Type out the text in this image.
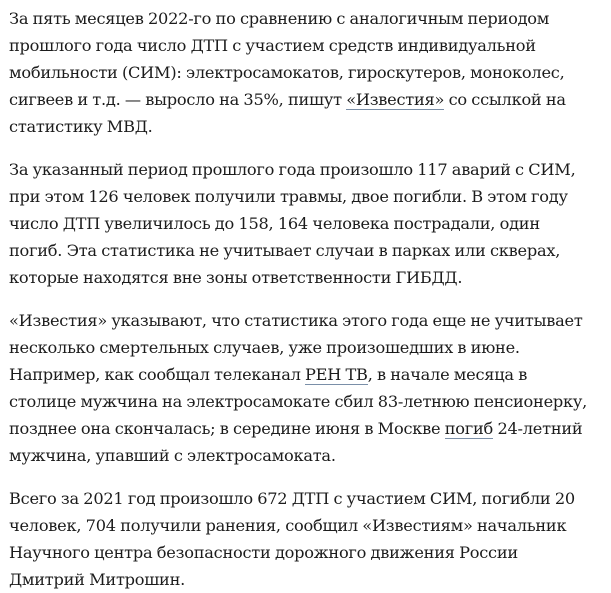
За пять месяцев 2022-го по сравнению с аналогичным периодом прошлого года число ДТП с участием средств индивидуальной мобильности (СИМ): электросамокатов, гироскутеров, моноколес, сигвеев и т.д. — выросло на 35%, пишут «Известия» со ссылкой на статистику МВД.

За указанный период прошлого года произошло 117 аварий с СИМ, при этом 126 человек получили травмы, двое погибли. В этом году число ДТП увеличилось до 158, 164 человека пострадали, один погиб. Эта статистика не учитывает случаи в парках или скверах, которые находятся вне зоны ответственности ГИБДД.

«Известия» указывают, что статистика этого года еще не учитывает несколько смертельных случаев, уже произошедших в июне. Например, как сообщал телеканал РЕН ТВ, в начале месяца в столице мужчина на электросамокате сбил 83-летнюю пенсионерку, позднее она скончалась; в середине июня в Москве погиб 24-летний мужчина, упавший с электросамоката.

Всего за 2021 год произошло 672 ДТП с участием СИМ, погибли 20 человек, 704 получили ранения, сообщил «Известиям» начальник Научного центра безопасности дорожного движения России Дмитрий Митрошин.
